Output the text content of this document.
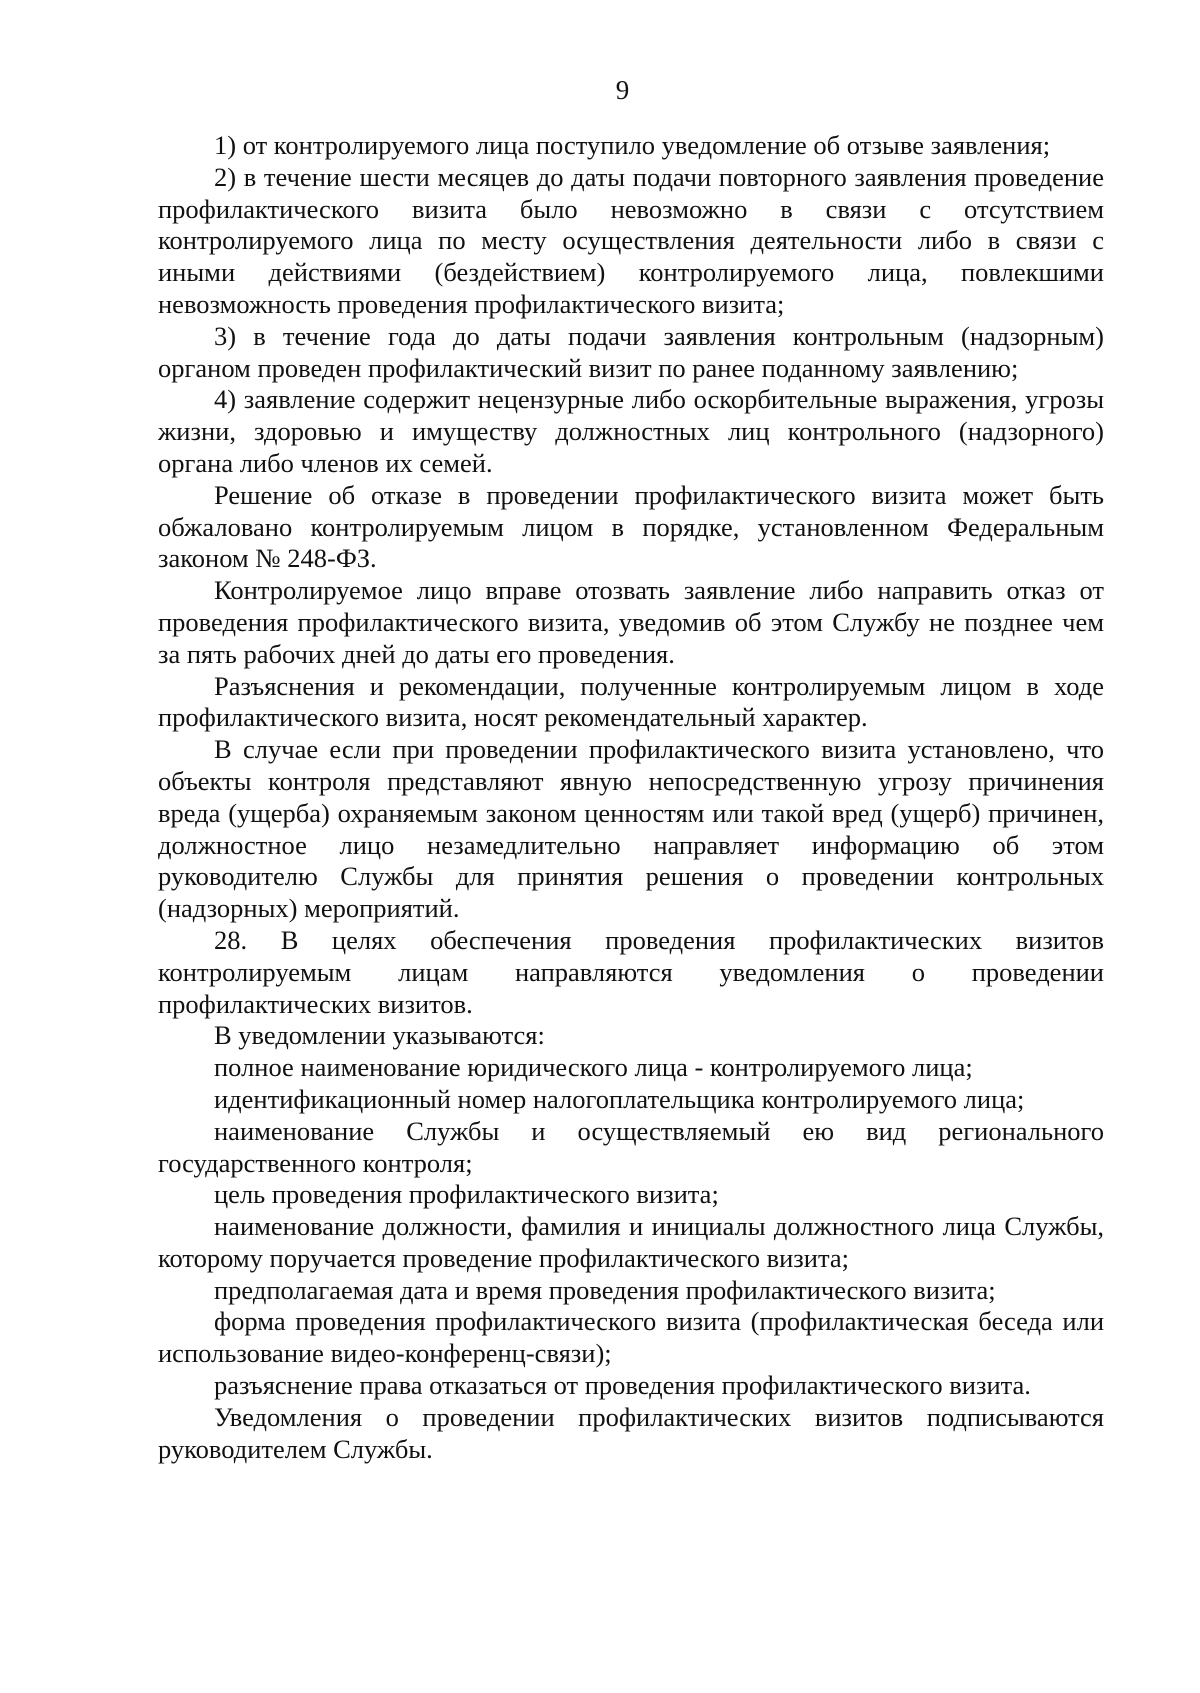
9

1) от контролируемого лица поступило уведомление об отзыве заявления;

2) в течение шести месяцев до даты подачи повторного заявления проведение профилактического визита было невозможно в связи с отсутствием контролируемого лица по месту осуществления деятельности либо в связи с иными действиями (бездействием) контролируемого лица, повлекшими невозможность проведения профилактического визита;

3) в течение года до даты подачи заявления контрольным (надзорным) органом проведен профилактический визит по ранее поданному заявлению;

4) заявление содержит нецензурные либо оскорбительные выражения, угрозы жизни, здоровью и имуществу должностных лиц контрольного (надзорного) органа либо членов их семей.

Решение об отказе в проведении профилактического визита может быть обжаловано контролируемым лицом в порядке, установленном Федеральным законом № 248-ФЗ.

Контролируемое лицо вправе отозвать заявление либо направить отказ от проведения профилактического визита, уведомив об этом Службу не позднее чем за пять рабочих дней до даты его проведения.

Разъяснения и рекомендации, полученные контролируемым лицом в ходе профилактического визита, носят рекомендательный характер.

В случае если при проведении профилактического визита установлено, что объекты контроля представляют явную непосредственную угрозу причинения вреда (ущерба) охраняемым законом ценностям или такой вред (ущерб) причинен, должностное лицо незамедлительно направляет информацию об этом руководителю Службы для принятия решения о проведении контрольных (надзорных) мероприятий.

28. В целях обеспечения проведения профилактических визитов контролируемым лицам направляются уведомления о проведении профилактических визитов.

В уведомлении указываются:

полное наименование юридического лица - контролируемого лица;

идентификационный номер налогоплательщика контролируемого лица;

наименование Службы и осуществляемый ею вид регионального государственного контроля;

цель проведения профилактического визита;

наименование должности, фамилия и инициалы должностного лица Службы, которому поручается проведение профилактического визита;

предполагаемая дата и время проведения профилактического визита;

форма проведения профилактического визита (профилактическая беседа или использование видео-конференц-связи);

разъяснение права отказаться от проведения профилактического визита.

Уведомления о проведении профилактических визитов подписываются руководителем Службы.
